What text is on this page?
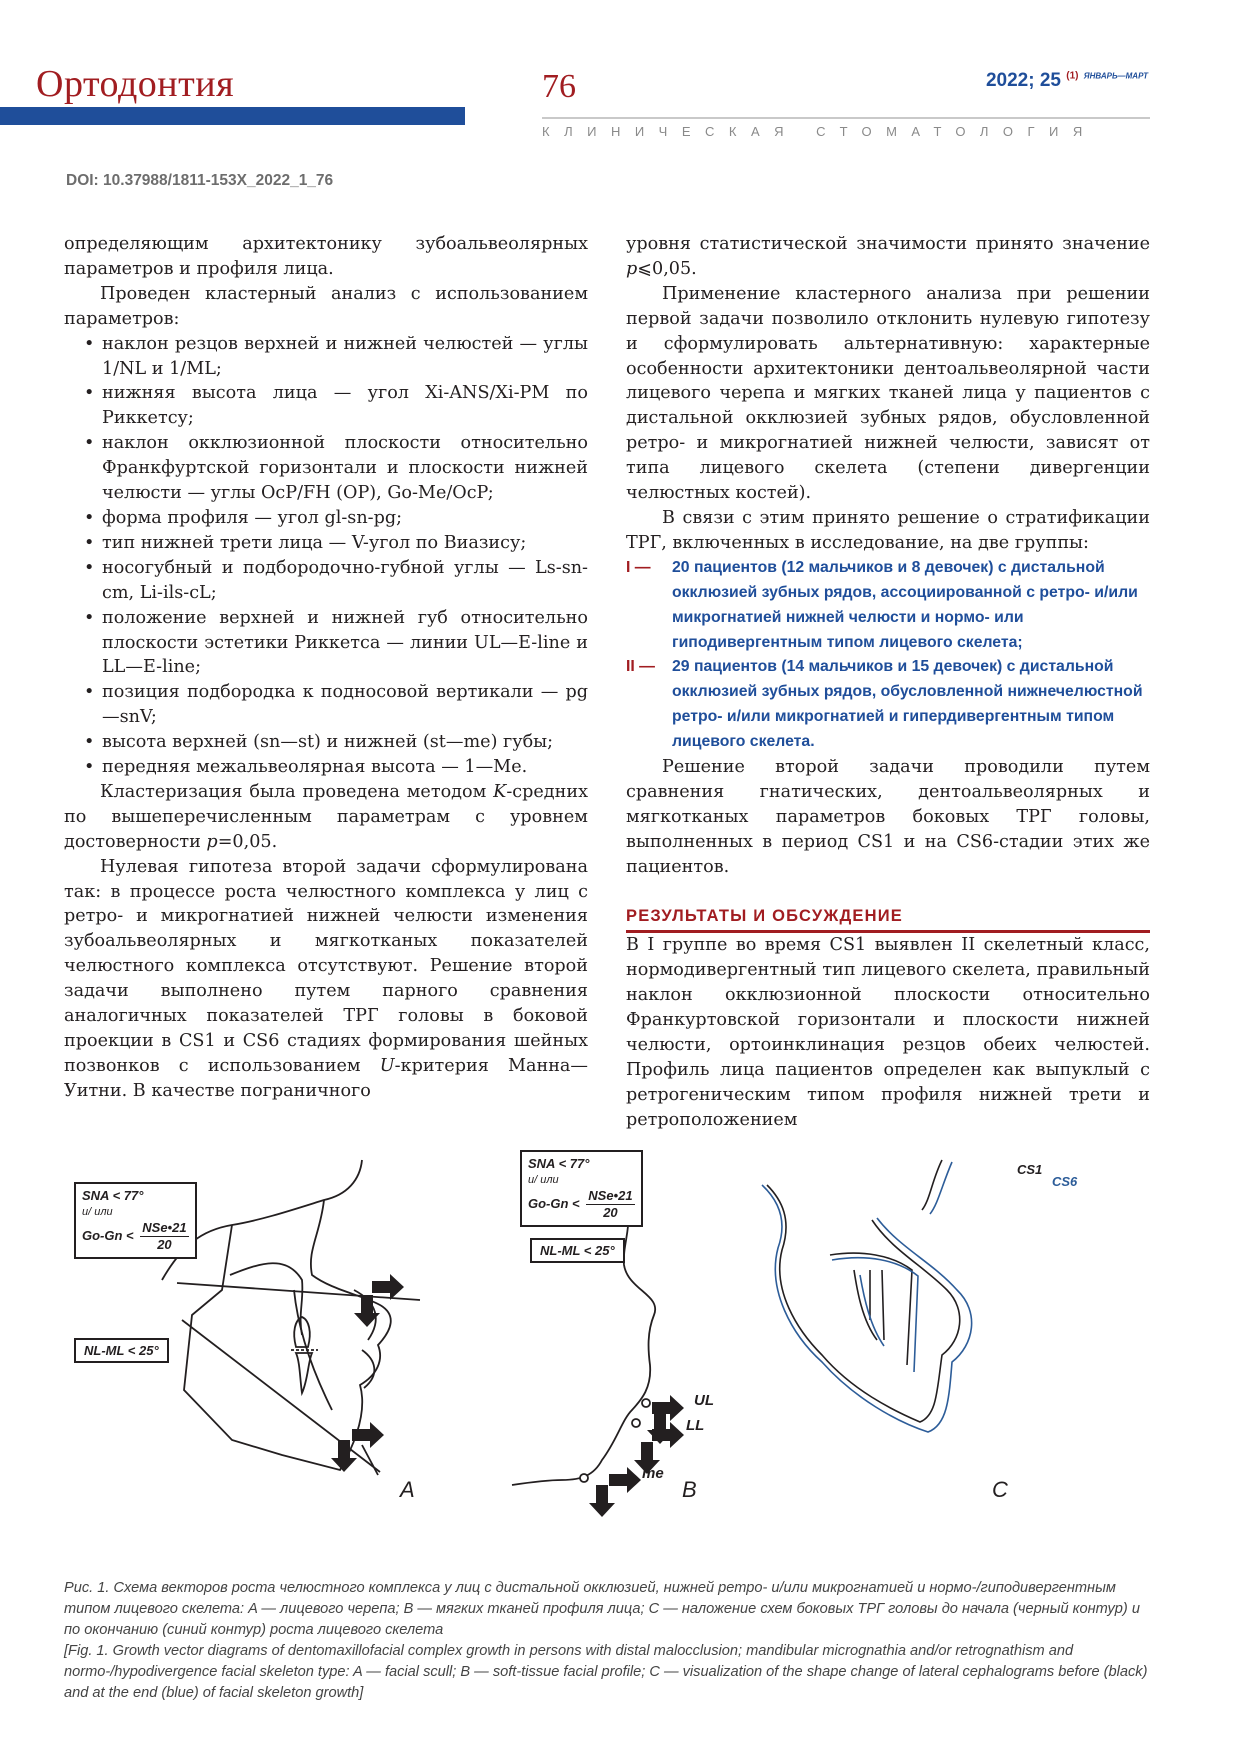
Ортодонтия	76	2022; 25 $^{(1)}$ $^{ЯНВАРЬ—МАРТ}$
КЛИНИЧЕСКАЯ СТОМАТОЛОГИЯ
DOI: 10.37988/1811-153X_2022_1_76

определяющим архитектонику зубоальвеолярных параметров и профиля лица.

Проведен кластерный анализ с использованием параметров:

• наклон резцов верхней и нижней челюстей — углы 1/NL и 1/ML;
• нижняя высота лица — угол Xi-ANS/Xi-PM по Риккетсу;
• наклон окклюзионной плоскости относительно Франкфуртской горизонтали и плоскости нижней челюсти — углы OcP/FH (OP), Go-Me/OcP;
• форма профиля — угол gl-sn-pg;
• тип нижней трети лица — V-угол по Виазису;
• носогубный и подбородочно-губной углы — Ls-sn-cm, Li-ils-cL;
• положение верхней и нижней губ относительно плоскости эстетики Риккетса — линии UL—E-line и LL—E-line;
• позиция подбородка к подносовой вертикали — pg—snV;
• высота верхней (sn—st) и нижней (st—me) губы;
• передняя межальвеолярная высота — 1—Me.

Кластеризация была проведена методом K-средних по вышеперечисленным параметрам с уровнем достоверности p=0,05.

Нулевая гипотеза второй задачи сформулирована так: в процессе роста челюстного комплекса у лиц с ретро- и микрогнатией нижней челюсти изменения зубоальвеолярных и мягкотканых показателей челюстного комплекса отсутствуют. Решение второй задачи выполнено путем парного сравнения аналогичных показателей ТРГ головы в боковой проекции в CS1 и CS6 стадиях формирования шейных позвонков с использованием U-критерия Манна—Уитни. В качестве пограничного

уровня статистической значимости принято значение p⩽0,05.

Применение кластерного анализа при решении первой задачи позволило отклонить нулевую гипотезу и сформулировать альтернативную: характерные особенности архитектоники дентоальвеолярной части лицевого черепа и мягких тканей лица у пациентов с дистальной окклюзией зубных рядов, обусловленной ретро- и микрогнатией нижней челюсти, зависят от типа лицевого скелета (степени дивергенции челюстных костей).

В связи с этим принято решение о стратификации ТРГ, включенных в исследование, на две группы:

I — 20 пациентов (12 мальчиков и 8 девочек) с дистальной окклюзией зубных рядов, ассоциированной с ретро- и/или микрогнатией нижней челюсти и нормо- или гиподивергентным типом лицевого скелета;
II — 29 пациентов (14 мальчиков и 15 девочек) с дистальной окклюзией зубных рядов, обусловленной нижнечелюстной ретро- и/или микрогнатией и гипердивергентным типом лицевого скелета.

Решение второй задачи проводили путем сравнения гнатических, дентоальвеолярных и мягкотканых параметров боковых ТРГ головы, выполненных в период CS1 и на CS6-стадии этих же пациентов.

РЕЗУЛЬТАТЫ И ОБСУЖДЕНИЕ

В I группе во время CS1 выявлен II скелетный класс, нормодивергентный тип лицевого скелета, правильный наклон окклюзионной плоскости относительно Франкуртовской горизонтали и плоскости нижней челюсти, ортоинклинация резцов обеих челюстей. Профиль лица пациентов определен как выпуклый с ретрогеническим типом профиля нижней трети и ретроположением

A	B	C
SNA < 77°
и/ или
$Go-Gn < \frac{\text{NSe•21}}{20}$
NL-ML < 25°
SNA < 77°
и/ или
$Go-Gn < \frac{\text{NSe•21}}{20}$
NL-ML < 25°
UL
LL
me
CS1
CS6

Рис. 1. Схема векторов роста челюстного комплекса у лиц с дистальной окклюзией, нижней ретро- и/или микрогнатией и нормо-/гиподивергентным типом лицевого скелета: A — лицевого черепа; B — мягких тканей профиля лица; C — наложение схем боковых ТРГ головы до начала (черный контур) и по окончанию (синий контур) роста лицевого скелета

[Fig. 1. Growth vector diagrams of dentomaxillofacial complex growth in persons with distal malocclusion; mandibular micrognathia and/or retrognathism and normo-/hypodivergence facial skeleton type: A — facial scull; B — soft-tissue facial profile; C — visualization of the shape change of lateral cephalograms before (black) and at the end (blue) of facial skeleton growth]
